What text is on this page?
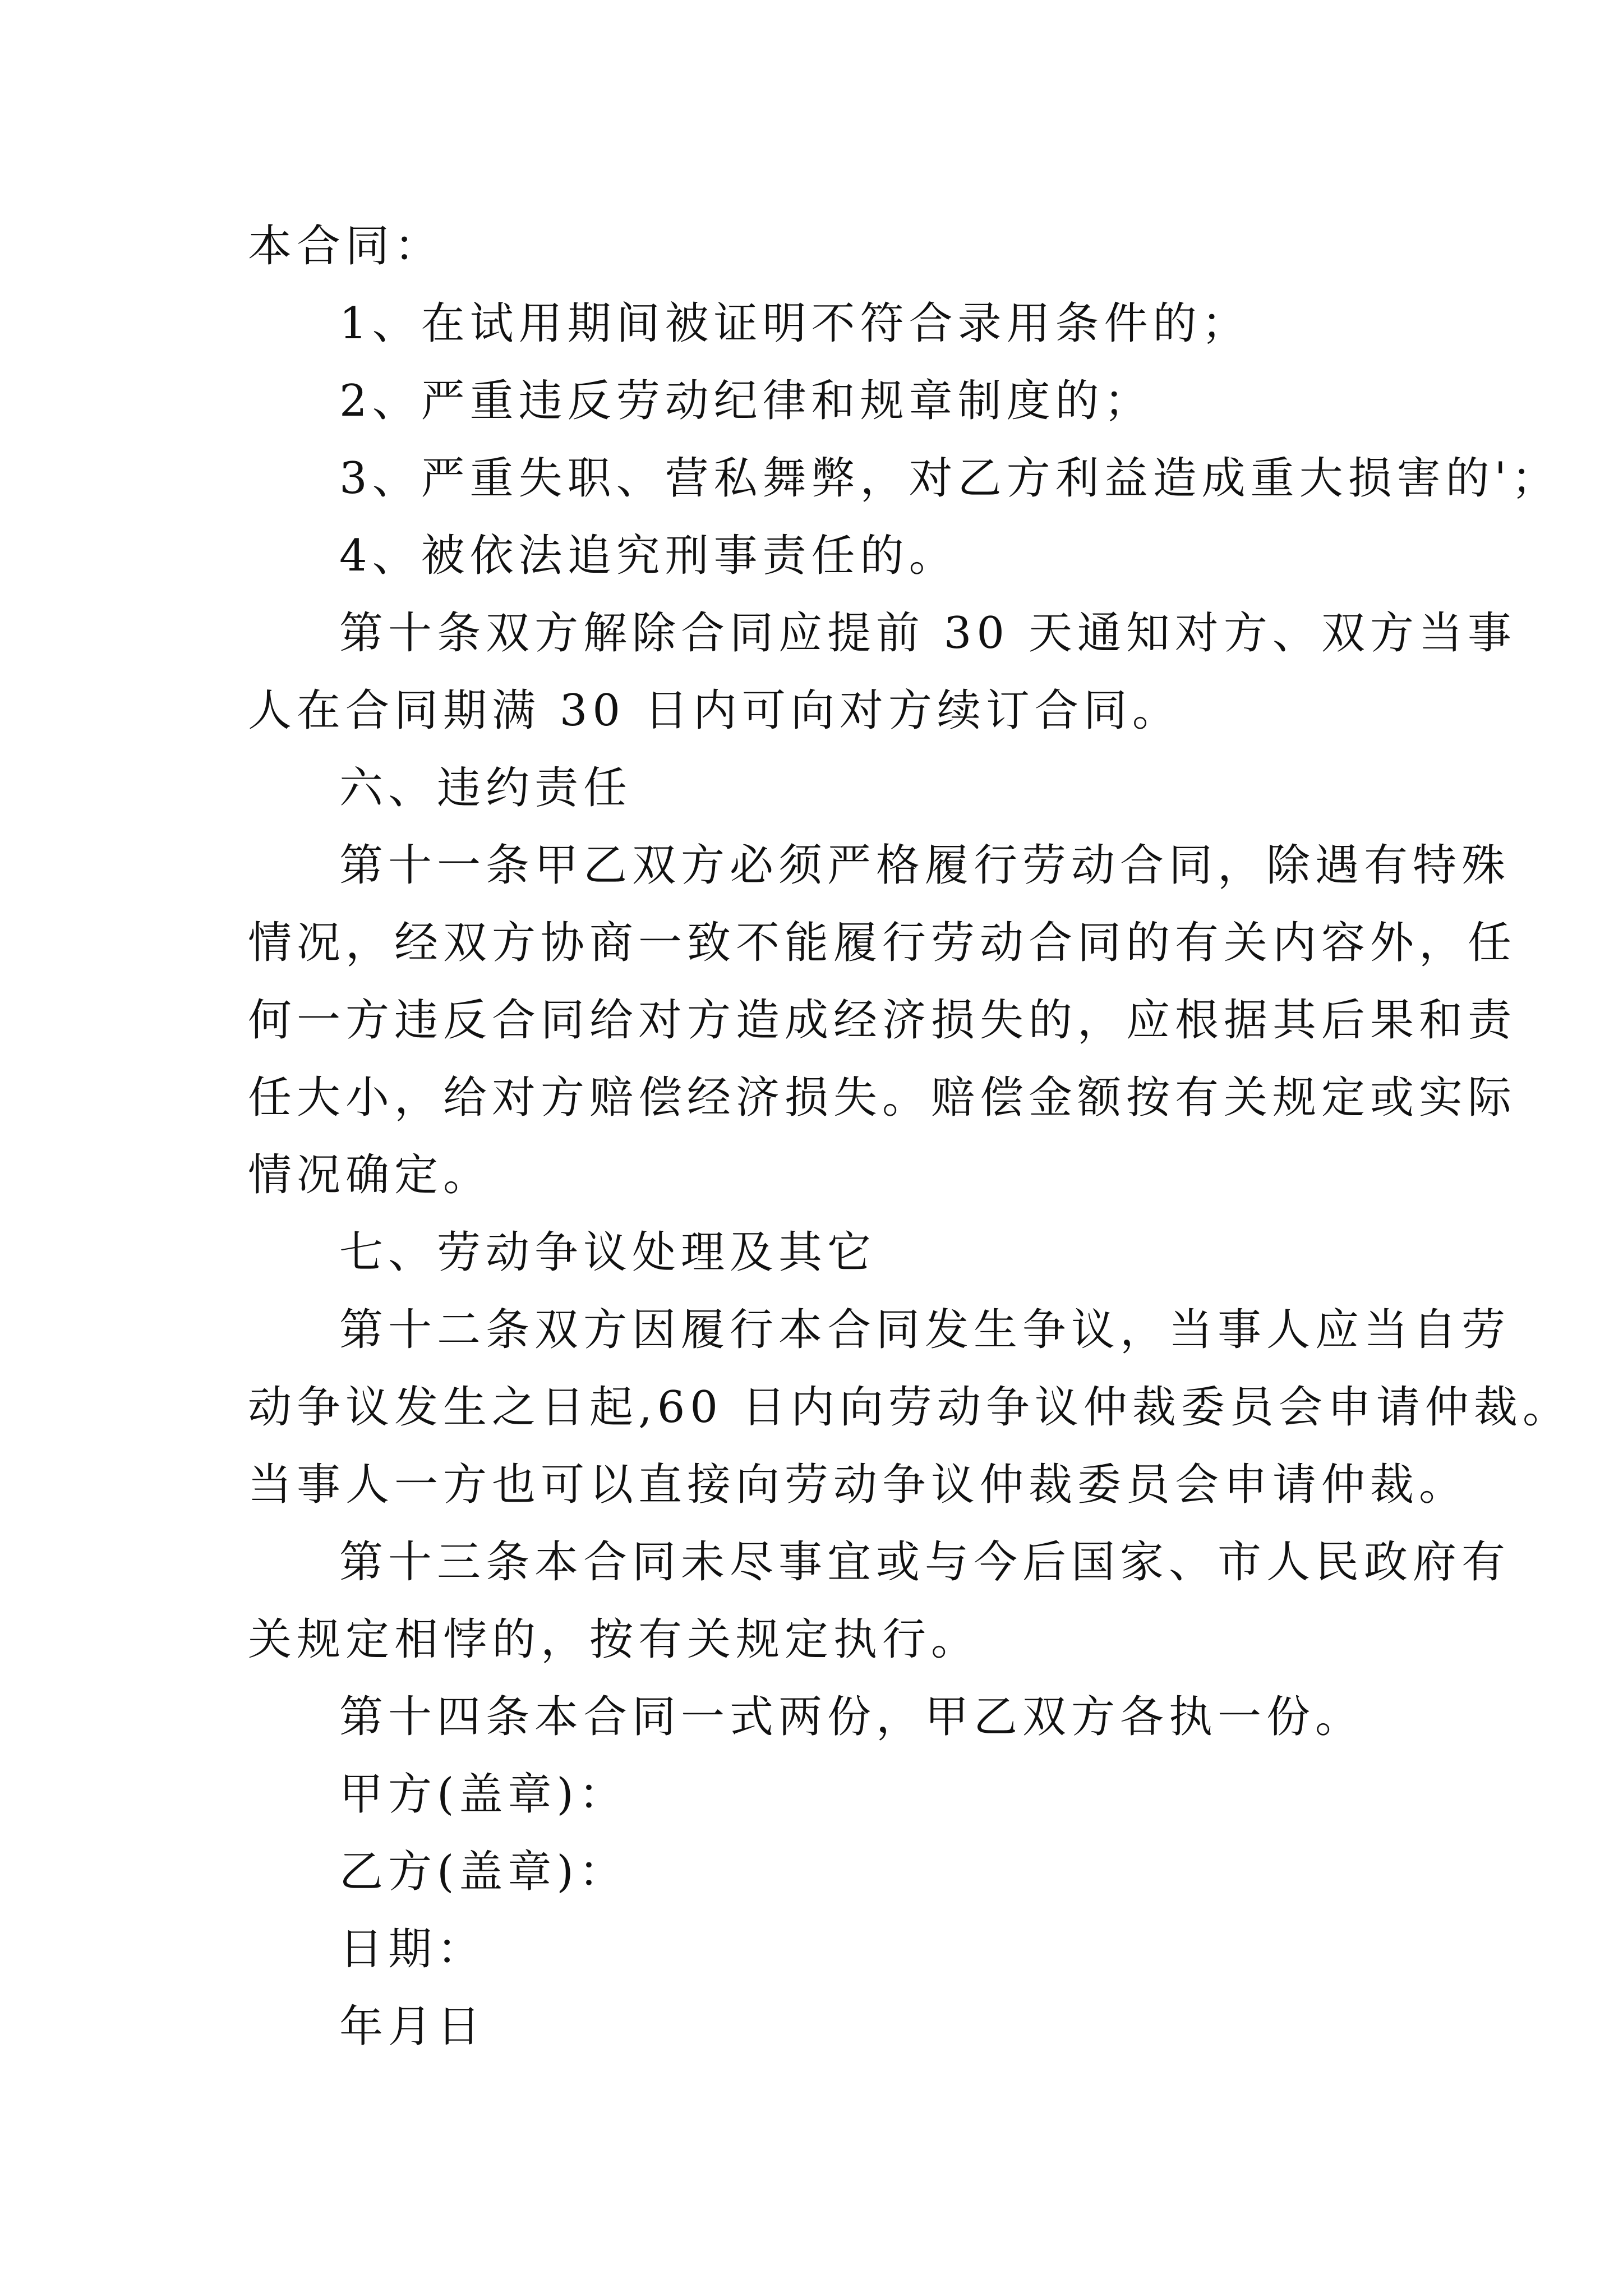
本合同：
1、在试用期间被证明不符合录用条件的；
2、严重违反劳动纪律和规章制度的；
3、严重失职、营私舞弊，对乙方利益造成重大损害的'；
4、被依法追究刑事责任的。
第十条双方解除合同应提前 30 天通知对方、双方当事
人在合同期满 30 日内可向对方续订合同。
六、违约责任
第十一条甲乙双方必须严格履行劳动合同，除遇有特殊
情况，经双方协商一致不能履行劳动合同的有关内容外，任
何一方违反合同给对方造成经济损失的，应根据其后果和责
任大小，给对方赔偿经济损失。赔偿金额按有关规定或实际
情况确定。
七、劳动争议处理及其它
第十二条双方因履行本合同发生争议，当事人应当自劳
动争议发生之日起,60 日内向劳动争议仲裁委员会申请仲裁。
当事人一方也可以直接向劳动争议仲裁委员会申请仲裁。
第十三条本合同未尽事宜或与今后国家、市人民政府有
关规定相悖的，按有关规定执行。
第十四条本合同一式两份，甲乙双方各执一份。
甲方(盖章)：
乙方(盖章)：
日期：
年月日
